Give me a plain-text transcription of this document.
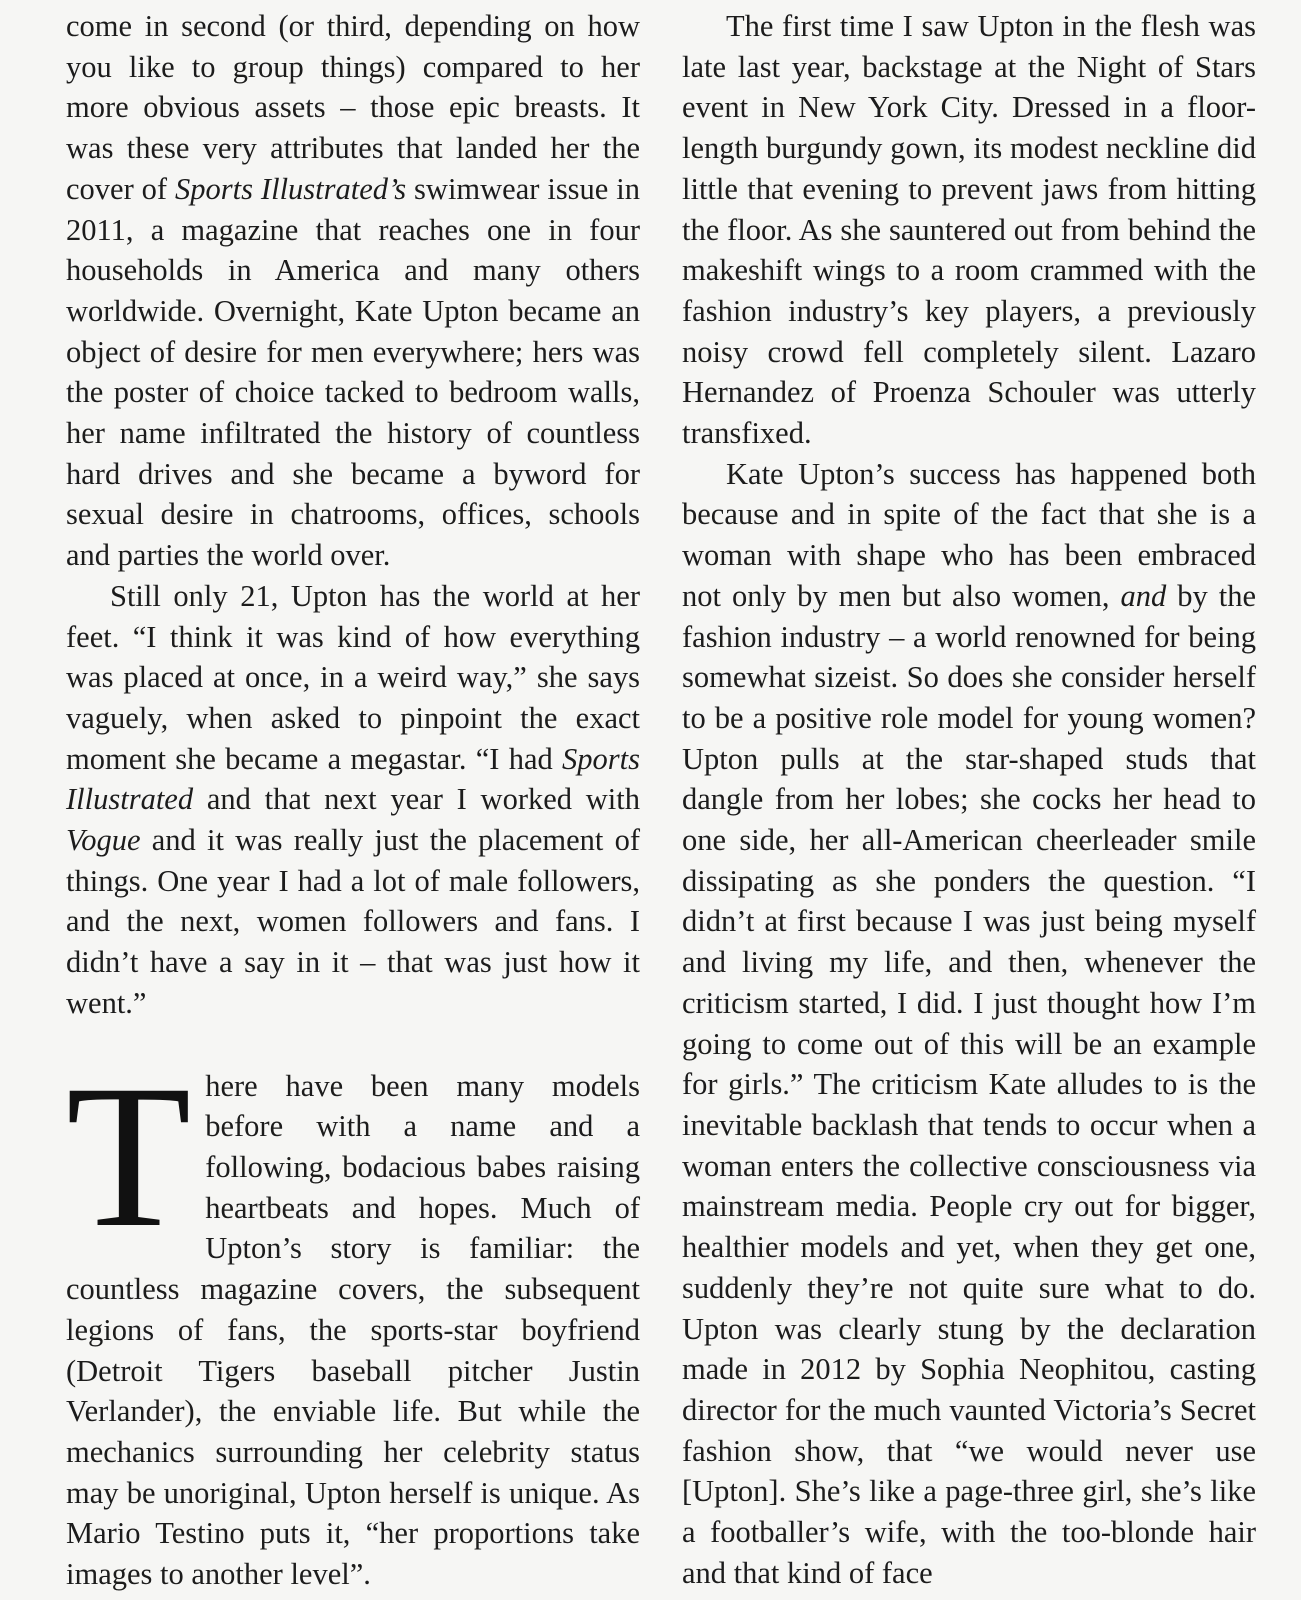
come in second (or third, depending on how you like to group things) compared to her more obvious assets – those epic breasts. It was these very attributes that landed her the cover of Sports Illustrated’s swimwear issue in 2011, a magazine that reaches one in four households in America and many others worldwide. Overnight, Kate Upton became an object of desire for men everywhere; hers was the poster of choice tacked to bedroom walls, her name infiltrated the history of countless hard drives and she became a byword for sexual desire in chatrooms, offices, schools and parties the world over.

Still only 21, Upton has the world at her feet. “I think it was kind of how everything was placed at once, in a weird way,” she says vaguely, when asked to pinpoint the exact moment she became a megastar. “I had Sports Illustrated and that next year I worked with Vogue and it was really just the placement of things. One year I had a lot of male followers, and the next, women followers and fans. I didn’t have a say in it – that was just how it went.”

There have been many models before with a name and a following, bodacious babes raising heartbeats and hopes. Much of Upton’s story is familiar: the countless magazine covers, the subsequent legions of fans, the sports-star boyfriend (Detroit Tigers baseball pitcher Justin Verlander), the enviable life. But while the mechanics surrounding her celebrity status may be unoriginal, Upton herself is unique. As Mario Testino puts it, “her proportions take images to another level”.

The first time I saw Upton in the flesh was late last year, backstage at the Night of Stars event in New York City. Dressed in a floor-length burgundy gown, its modest neckline did little that evening to prevent jaws from hitting the floor. As she sauntered out from behind the makeshift wings to a room crammed with the fashion industry’s key players, a previously noisy crowd fell completely silent. Lazaro Hernandez of Proenza Schouler was utterly transfixed.

Kate Upton’s success has happened both because and in spite of the fact that she is a woman with shape who has been embraced not only by men but also women, and by the fashion industry – a world renowned for being somewhat sizeist. So does she consider herself to be a positive role model for young women? Upton pulls at the star-shaped studs that dangle from her lobes; she cocks her head to one side, her all-American cheerleader smile dissipating as she ponders the question. “I didn’t at first because I was just being myself and living my life, and then, whenever the criticism started, I did. I just thought how I’m going to come out of this will be an example for girls.” The criticism Kate alludes to is the inevitable backlash that tends to occur when a woman enters the collective consciousness via mainstream media. People cry out for bigger, healthier models and yet, when they get one, suddenly they’re not quite sure what to do. Upton was clearly stung by the declaration made in 2012 by Sophia Neophitou, casting director for the much vaunted Victoria’s Secret fashion show, that “we would never use [Upton]. She’s like a page-three girl, she’s like a footballer’s wife, with the too-blonde hair and that kind of face
